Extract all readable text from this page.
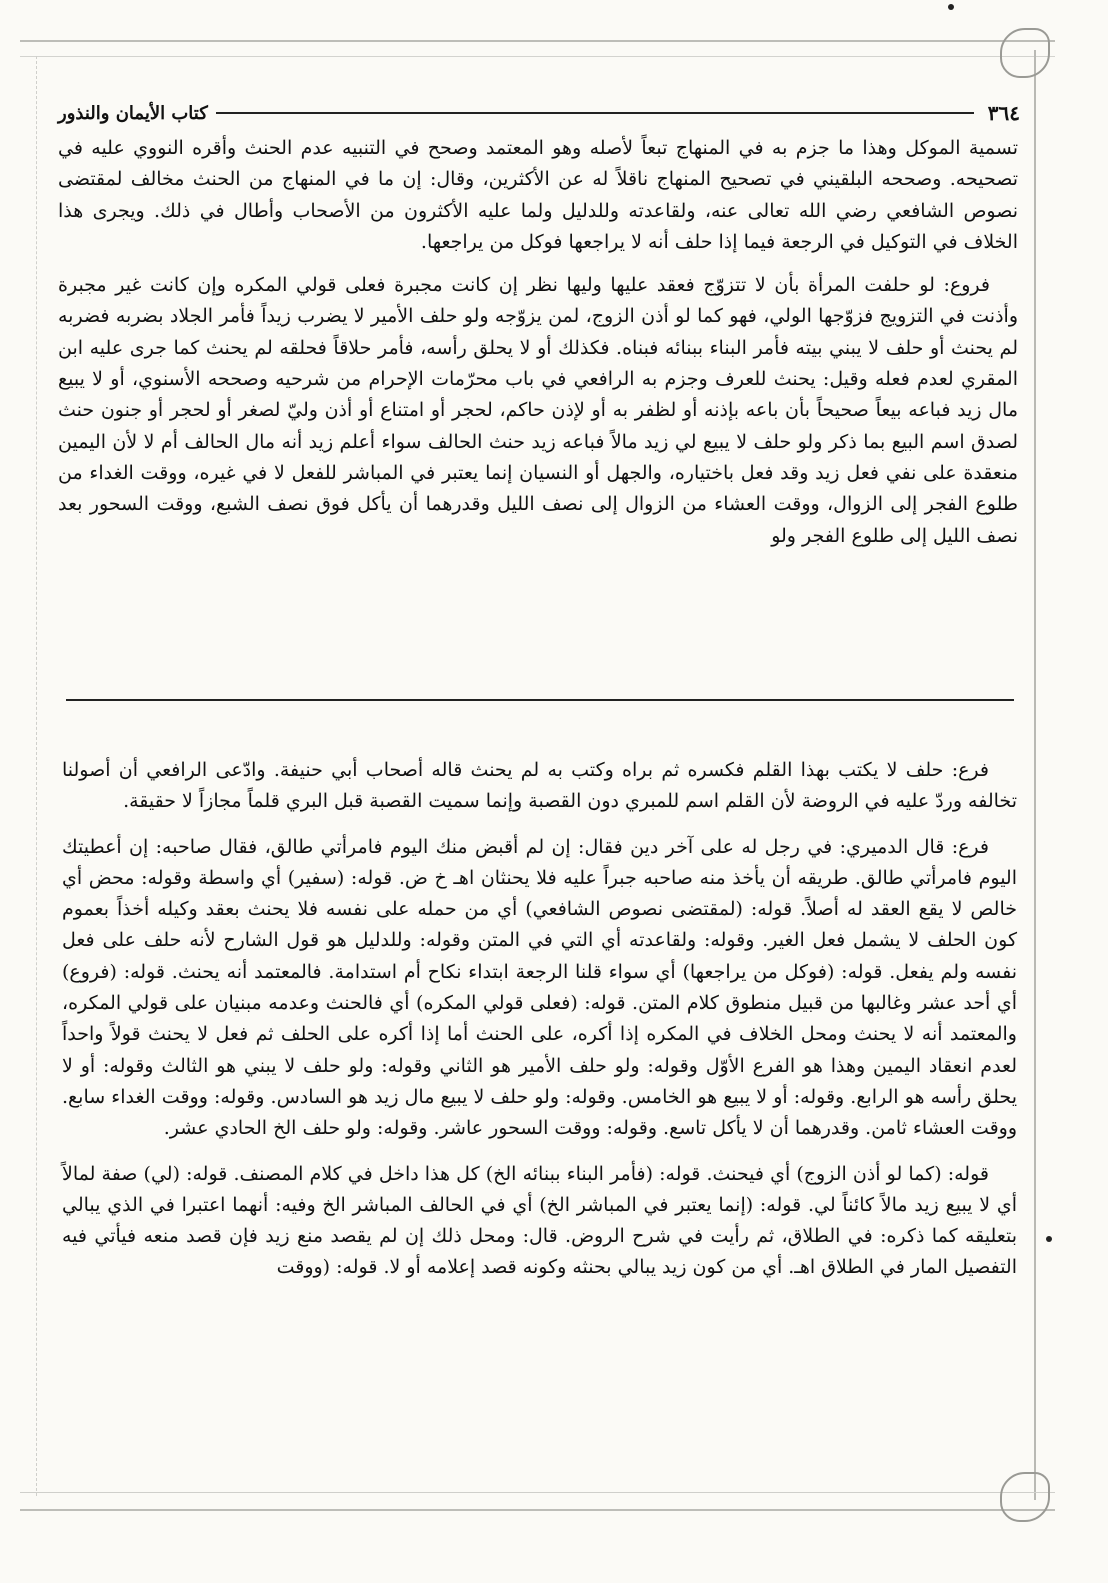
٣٦٤
كتاب الأيمان والنذور

تسمية الموكل وهذا ما جزم به في المنهاج تبعاً لأصله وهو المعتمد وصحح في التنبيه عدم الحنث وأقره النووي عليه في تصحيحه. وصححه البلقيني في تصحيح المنهاج ناقلاً له عن الأكثرين، وقال: إن ما في المنهاج من الحنث مخالف لمقتضى نصوص الشافعي رضي الله تعالى عنه، ولقاعدته وللدليل ولما عليه الأكثرون من الأصحاب وأطال في ذلك. ويجرى هذا الخلاف في التوكيل في الرجعة فيما إذا حلف أنه لا يراجعها فوكل من يراجعها.

فروع: لو حلفت المرأة بأن لا تتزوّج فعقد عليها وليها نظر إن كانت مجبرة فعلى قولي المكره وإن كانت غير مجبرة وأذنت في التزويج فزوّجها الولي، فهو كما لو أذن الزوج، لمن يزوّجه ولو حلف الأمير لا يضرب زيداً فأمر الجلاد بضربه فضربه لم يحنث أو حلف لا يبني بيته فأمر البناء ببنائه فبناه. فكذلك أو لا يحلق رأسه، فأمر حلاقاً فحلقه لم يحنث كما جرى عليه ابن المقري لعدم فعله وقيل: يحنث للعرف وجزم به الرافعي في باب محرّمات الإحرام من شرحيه وصححه الأسنوي، أو لا يبيع مال زيد فباعه بيعاً صحيحاً بأن باعه بإذنه أو لظفر به أو لإذن حاكم، لحجر أو امتناع أو أذن وليّ لصغر أو لحجر أو جنون حنث لصدق اسم البيع بما ذكر ولو حلف لا يبيع لي زيد مالاً فباعه زيد حنث الحالف سواء أعلم زيد أنه مال الحالف أم لا لأن اليمين منعقدة على نفي فعل زيد وقد فعل باختياره، والجهل أو النسيان إنما يعتبر في المباشر للفعل لا في غيره، ووقت الغداء من طلوع الفجر إلى الزوال، ووقت العشاء من الزوال إلى نصف الليل وقدرهما أن يأكل فوق نصف الشبع، ووقت السحور بعد نصف الليل إلى طلوع الفجر ولو

فرع: حلف لا يكتب بهذا القلم فكسره ثم براه وكتب به لم يحنث قاله أصحاب أبي حنيفة. وادّعى الرافعي أن أصولنا تخالفه وردّ عليه في الروضة لأن القلم اسم للمبري دون القصبة وإنما سميت القصبة قبل البري قلماً مجازاً لا حقيقة.

فرع: قال الدميري: في رجل له على آخر دين فقال: إن لم أقبض منك اليوم فامرأتي طالق، فقال صاحبه: إن أعطيتك اليوم فامرأتي طالق. طريقه أن يأخذ منه صاحبه جبراً عليه فلا يحنثان اهـ خ ض. قوله: (سفير) أي واسطة وقوله: محض أي خالص لا يقع العقد له أصلاً. قوله: (لمقتضى نصوص الشافعي) أي من حمله على نفسه فلا يحنث بعقد وكيله أخذاً بعموم كون الحلف لا يشمل فعل الغير. وقوله: ولقاعدته أي التي في المتن وقوله: وللدليل هو قول الشارح لأنه حلف على فعل نفسه ولم يفعل. قوله: (فوكل من يراجعها) أي سواء قلنا الرجعة ابتداء نكاح أم استدامة. فالمعتمد أنه يحنث. قوله: (فروع) أي أحد عشر وغالبها من قبيل منطوق كلام المتن. قوله: (فعلى قولي المكره) أي فالحنث وعدمه مبنيان على قولي المكره، والمعتمد أنه لا يحنث ومحل الخلاف في المكره إذا أكره، على الحنث أما إذا أكره على الحلف ثم فعل لا يحنث قولاً واحداً لعدم انعقاد اليمين وهذا هو الفرع الأوّل وقوله: ولو حلف الأمير هو الثاني وقوله: ولو حلف لا يبني هو الثالث وقوله: أو لا يحلق رأسه هو الرابع. وقوله: أو لا يبيع هو الخامس. وقوله: ولو حلف لا يبيع مال زيد هو السادس. وقوله: ووقت الغداء سابع. ووقت العشاء ثامن. وقدرهما أن لا يأكل تاسع. وقوله: ووقت السحور عاشر. وقوله: ولو حلف الخ الحادي عشر.

قوله: (كما لو أذن الزوج) أي فيحنث. قوله: (فأمر البناء ببنائه الخ) كل هذا داخل في كلام المصنف. قوله: (لي) صفة لمالاً أي لا يبيع زيد مالاً كائناً لي. قوله: (إنما يعتبر في المباشر الخ) أي في الحالف المباشر الخ وفيه: أنهما اعتبرا في الذي يبالي بتعليقه كما ذكره: في الطلاق، ثم رأيت في شرح الروض. قال: ومحل ذلك إن لم يقصد منع زيد فإن قصد منعه فيأتي فيه التفصيل المار في الطلاق اهـ. أي من كون زيد يبالي بحنثه وكونه قصد إعلامه أو لا. قوله: (ووقت
